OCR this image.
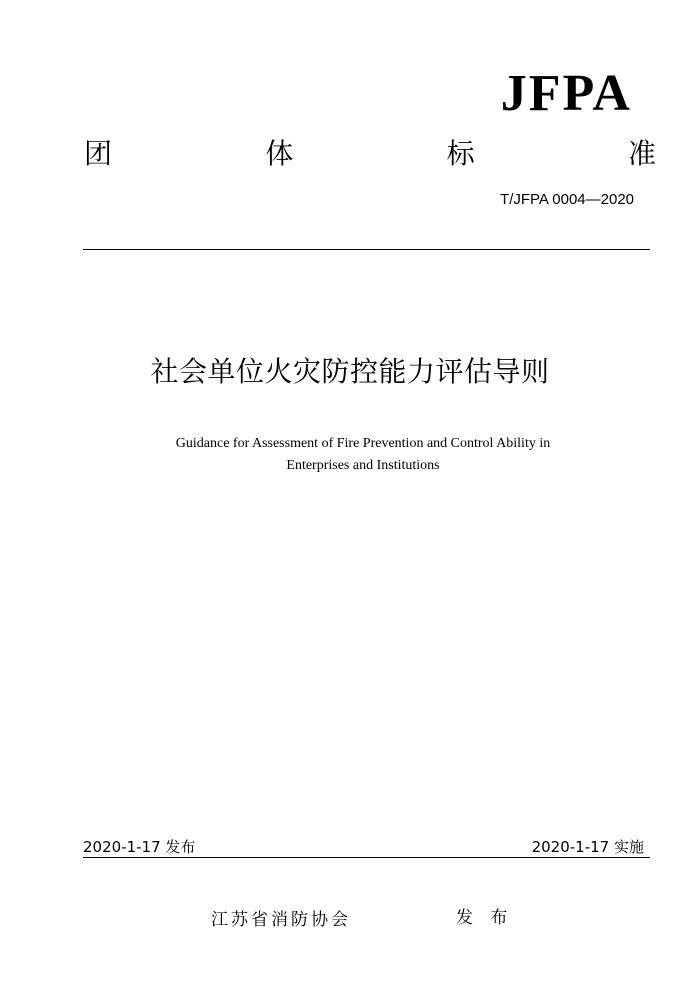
JFPA
团	体	标	准
T/JFPA 0004—2020
社会单位火灾防控能力评估导则
Guidance for Assessment of Fire Prevention and Control Ability in
Enterprises and Institutions
2020-1-17 发布	2020-1-17 实施
江苏省消防协会	发 布
